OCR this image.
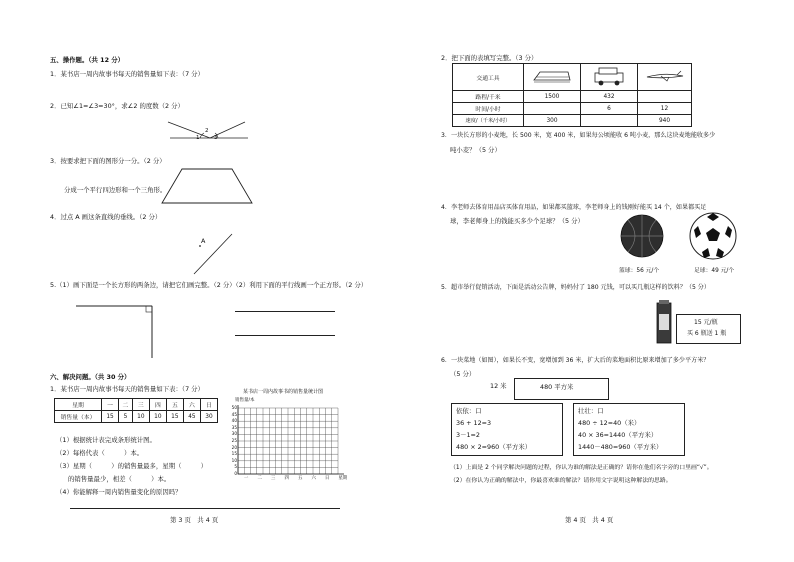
五、操作题。（共 12 分）
1．某书店一周内故事书每天的销售量如下表：（7 分）
2．已知∠1=∠3=30°，求∠2 的度数（2 分）
1
2
3
3．按要求把下面的图形分一分。（2 分）
分成一个平行四边形和一个三角形。
4．过点 A 画这条直线的垂线。（2 分）
A
5.（1）画下面是一个长方形的两条边，请把它们画完整。（2 分）（2）利用下面的平行线画一个正方形。（2 分）
六、解决问题。（共 30 分）
1．某书店一周内故事书每天的销售量如下表：（7 分）
星期	一	二	三	四	五	六	日
销售量（本）	15	5	10	10	15	45	30
某书店一周内故事书的销售量统计图
销售量/本
50
45
40
35
30
25
20
15
10
5
0
一 二 三 四 五 六 日 星期
（1）根据统计表完成条形统计图。
（2）每格代表（　　　）本。
（3）星期（　　　）的销售量最多，星期（　　　）
的销售量最少，相差（　　　）本。
（4）你能解释一周内销售量变化的原因吗？
第 3 页　共 4 页
2．把下面的表填写完整。（3 分）
交通工具			
路程/千米	1500	432	
时间/小时		6	12
速度/（千米/小时）	300		940
3．一块长方形的小麦地，长 500 米，宽 400 米，如果每公顷能收 6 吨小麦，那么这块麦地能收多少
吨小麦？（5 分）
4．李老师去体育用品店买体育用品，如果都买篮球，李老师身上的钱刚好能买 14 个，如果都买足
球，李老师身上的钱能买多少个足球？（5 分）
篮球：56 元/个	足球：49 元/个
5．超市举行促销活动，下面是活动公告牌，妈妈付了 180 元钱，可以买几瓶这样的饮料？（5 分）
15 元/瓶
买 6 瓶送 1 瓶
6．一块菜地（如图），如果长不变，宽增加到 36 米，扩大后的菜地面积比原来增加了多少平方米？
（5 分）
12 米	480 平方米
依依：口
36 + 12=3
3－1=2
480 × 2=960（平方米）
壮壮：口
480 ÷ 12=40（米）
40 × 36=1440（平方米）
1440－480=960（平方米）
（1）上面是 2 个同学解决问题的过程，你认为谁的解法是正确的？请你在他们名字旁的口里画“√”。
（2）在你认为正确的解法中，你最喜欢谁的解法？请你用文字说明这种解法的思路。
第 4 页　共 4 页
